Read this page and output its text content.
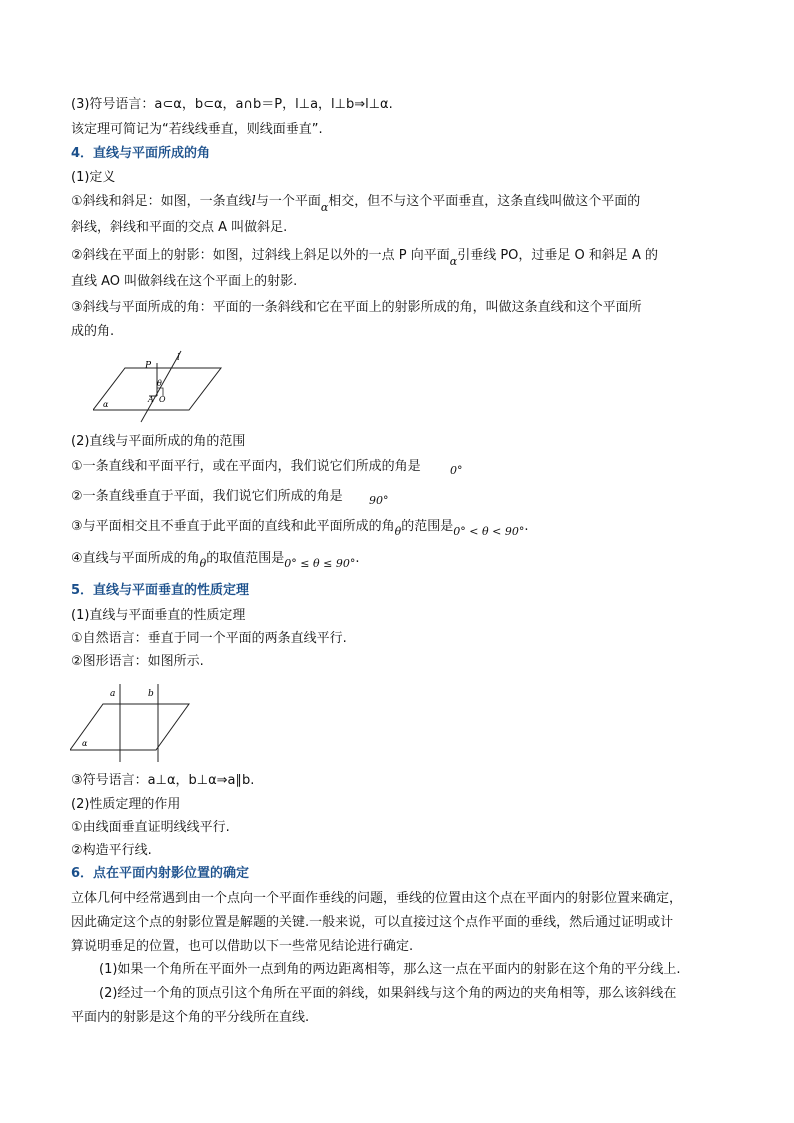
(3)符号语言：a⊂α，b⊂α，a∩b＝P，l⊥a，l⊥b⇒l⊥α.
该定理可简记为“若线线垂直，则线面垂直”.
4．直线与平面所成的角
(1)定义
①斜线和斜足：如图，一条直线l与一个平面$_\alpha$相交，但不与这个平面垂直，这条直线叫做这个平面的
斜线，斜线和平面的交点 A 叫做斜足.
②斜线在平面上的射影：如图，过斜线上斜足以外的一点 P 向平面$_\alpha$引垂线 PO，过垂足 O 和斜足 A 的
直线 AO 叫做斜线在这个平面上的射影.
③斜线与平面所成的角：平面的一条斜线和它在平面上的射影所成的角，叫做这条直线和这个平面所
成的角.
P
l
θ
A O
α
(2)直线与平面所成的角的范围
①一条直线和平面平行，或在平面内，我们说它们所成的角是	0°
②一条直线垂直于平面，我们说它们所成的角是 90°
③与平面相交且不垂直于此平面的直线和此平面所成的角$_\theta$的范围是$_{0^\circ < \theta < 90^\circ}$.
④直线与平面所成的角$_\theta$的取值范围是$_{0^\circ \le \theta \le 90^\circ}$.
5．直线与平面垂直的性质定理
(1)直线与平面垂直的性质定理
①自然语言：垂直于同一个平面的两条直线平行.
②图形语言：如图所示.
a	b
α
③符号语言：a⊥α，b⊥α⇒a∥b.
(2)性质定理的作用
①由线面垂直证明线线平行.
②构造平行线.
6．点在平面内射影位置的确定
立体几何中经常遇到由一个点向一个平面作垂线的问题，垂线的位置由这个点在平面内的射影位置来确定，
因此确定这个点的射影位置是解题的关键.一般来说，可以直接过这个点作平面的垂线，然后通过证明或计
算说明垂足的位置，也可以借助以下一些常见结论进行确定.
(1)如果一个角所在平面外一点到角的两边距离相等，那么这一点在平面内的射影在这个角的平分线上.
(2)经过一个角的顶点引这个角所在平面的斜线，如果斜线与这个角的两边的夹角相等，那么该斜线在
平面内的射影是这个角的平分线所在直线.
